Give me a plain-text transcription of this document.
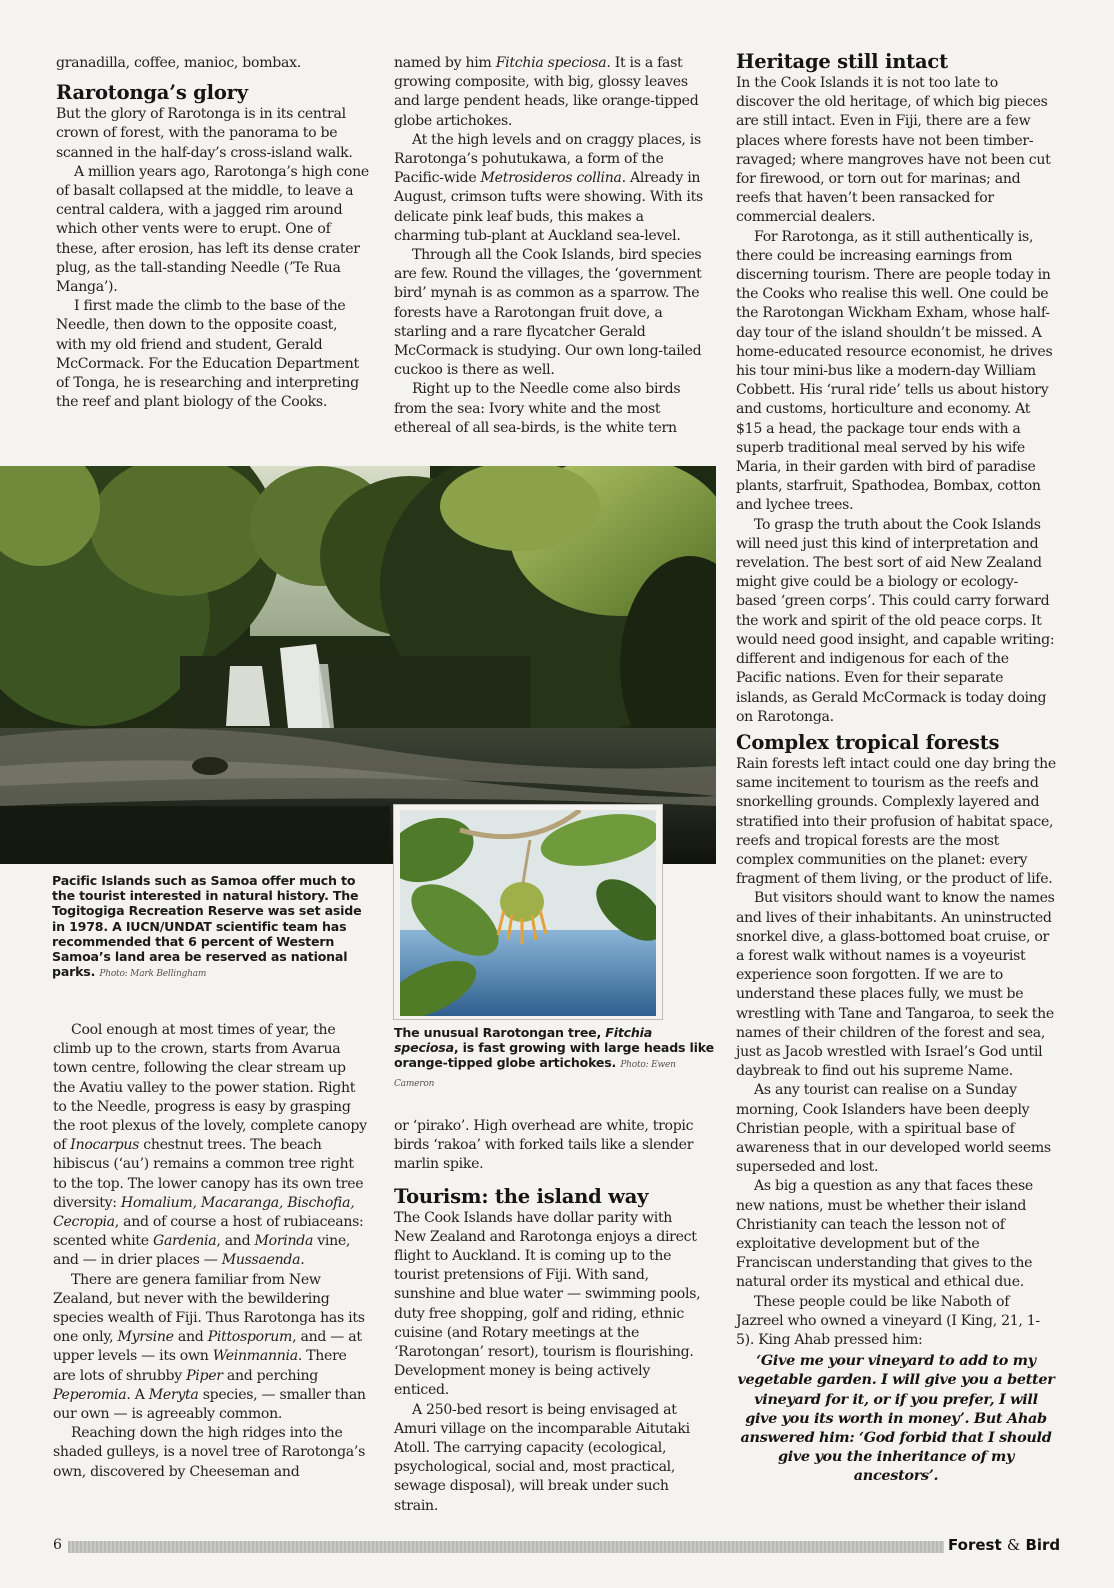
granadilla, coffee, manioc, bombax.

Rarotonga’s glory

But the glory of Rarotonga is in its central crown of forest, with the panorama to be scanned in the half-day’s cross-island walk.

A million years ago, Rarotonga’s high cone of basalt collapsed at the middle, to leave a central caldera, with a jagged rim around which other vents were to erupt. One of these, after erosion, has left its dense crater plug, as the tall-standing Needle (’Te Rua Manga’).

I first made the climb to the base of the Needle, then down to the opposite coast, with my old friend and student, Gerald McCormack. For the Education Department of Tonga, he is researching and interpreting the reef and plant biology of the Cooks.

named by him Fitchia speciosa. It is a fast growing composite, with big, glossy leaves and large pendent heads, like orange-tipped globe artichokes.

At the high levels and on craggy places, is Rarotonga’s pohutukawa, a form of the Pacific-wide Metrosideros collina. Already in August, crimson tufts were showing. With its delicate pink leaf buds, this makes a charming tub-plant at Auckland sea-level.

Through all the Cook Islands, bird species are few. Round the villages, the ‘government bird’ mynah is as common as a sparrow. The forests have a Rarotongan fruit dove, a starling and a rare flycatcher Gerald McCormack is studying. Our own long-tailed cuckoo is there as well.

Right up to the Needle come also birds from the sea: Ivory white and the most ethereal of all sea-birds, is the white tern

Heritage still intact

In the Cook Islands it is not too late to discover the old heritage, of which big pieces are still intact. Even in Fiji, there are a few places where forests have not been timber-ravaged; where mangroves have not been cut for firewood, or torn out for marinas; and reefs that haven’t been ransacked for commercial dealers.

For Rarotonga, as it still authentically is, there could be increasing earnings from discerning tourism. There are people today in the Cooks who realise this well. One could be the Rarotongan Wickham Exham, whose half-day tour of the island shouldn’t be missed. A home-educated resource economist, he drives his tour mini-bus like a modern-day William Cobbett. His ‘rural ride’ tells us about history and customs, horticulture and economy. At $15 a head, the package tour ends with a superb traditional meal served by his wife Maria, in their garden with bird of paradise plants, starfruit, Spathodea, Bombax, cotton and lychee trees.

To grasp the truth about the Cook Islands will need just this kind of interpretation and revelation. The best sort of aid New Zealand might give could be a biology or ecology-based ‘green corps’. This could carry forward the work and spirit of the old peace corps. It would need good insight, and capable writing: different and indigenous for each of the Pacific nations. Even for their separate islands, as Gerald McCormack is today doing on Rarotonga.

Complex tropical forests

Rain forests left intact could one day bring the same incitement to tourism as the reefs and snorkelling grounds. Complexly layered and stratified into their profusion of habitat space, reefs and tropical forests are the most complex communities on the planet: every fragment of them living, or the product of life.

But visitors should want to know the names and lives of their inhabitants. An uninstructed snorkel dive, a glass-bottomed boat cruise, or a forest walk without names is a voyeurist experience soon forgotten. If we are to understand these places fully, we must be wrestling with Tane and Tangaroa, to seek the names of their children of the forest and sea, just as Jacob wrestled with Israel’s God until daybreak to find out his supreme Name.

As any tourist can realise on a Sunday morning, Cook Islanders have been deeply Christian people, with a spiritual base of awareness that in our developed world seems superseded and lost.

As big a question as any that faces these new nations, must be whether their island Christianity can teach the lesson not of exploitative development but of the Franciscan understanding that gives to the natural order its mystical and ethical due.

These people could be like Naboth of Jazreel who owned a vineyard (I King, 21, 1-5). King Ahab pressed him:

‘Give me your vineyard to add to my vegetable garden. I will give you a better vineyard for it, or if you prefer, I will give you its worth in money’. But Ahab answered him: ‘God forbid that I should give you the inheritance of my ancestors’.
Pacific Islands such as Samoa offer much to the tourist interested in natural history. The Togitogiga Recreation Reserve was set aside in 1978. A IUCN/UNDAT scientific team has recommended that 6 percent of Western Samoa’s land area be reserved as national parks. Photo: Mark Bellingham
The unusual Rarotongan tree, Fitchia speciosa, is fast growing with large heads like orange-tipped globe artichokes. Photo: Ewen Cameron

Cool enough at most times of year, the climb up to the crown, starts from Avarua town centre, following the clear stream up the Avatiu valley to the power station. Right to the Needle, progress is easy by grasping the root plexus of the lovely, complete canopy of Inocarpus chestnut trees. The beach hibiscus (‘au’) remains a common tree right to the top. The lower canopy has its own tree diversity: Homalium, Macaranga, Bischofia, Cecropia, and of course a host of rubiaceans: scented white Gardenia, and Morinda vine, and — in drier places — Mussaenda.

There are genera familiar from New Zealand, but never with the bewildering species wealth of Fiji. Thus Rarotonga has its one only, Myrsine and Pittosporum, and — at upper levels — its own Weinmannia. There are lots of shrubby Piper and perching Peperomia. A Meryta species, — smaller than our own — is agreeably common.

Reaching down the high ridges into the shaded gulleys, is a novel tree of Rarotonga’s own, discovered by Cheeseman and

or ‘pirako’. High overhead are white, tropic birds ‘rakoa’ with forked tails like a slender marlin spike.

Tourism: the island way

The Cook Islands have dollar parity with New Zealand and Rarotonga enjoys a direct flight to Auckland. It is coming up to the tourist pretensions of Fiji. With sand, sunshine and blue water — swimming pools, duty free shopping, golf and riding, ethnic cuisine (and Rotary meetings at the ‘Rarotongan’ resort), tourism is flourishing. Development money is being actively enticed.

A 250-bed resort is being envisaged at Amuri village on the incomparable Aitutaki Atoll. The carrying capacity (ecological, psychological, social and, most practical, sewage disposal), will break under such strain.

6	Forest & Bird
